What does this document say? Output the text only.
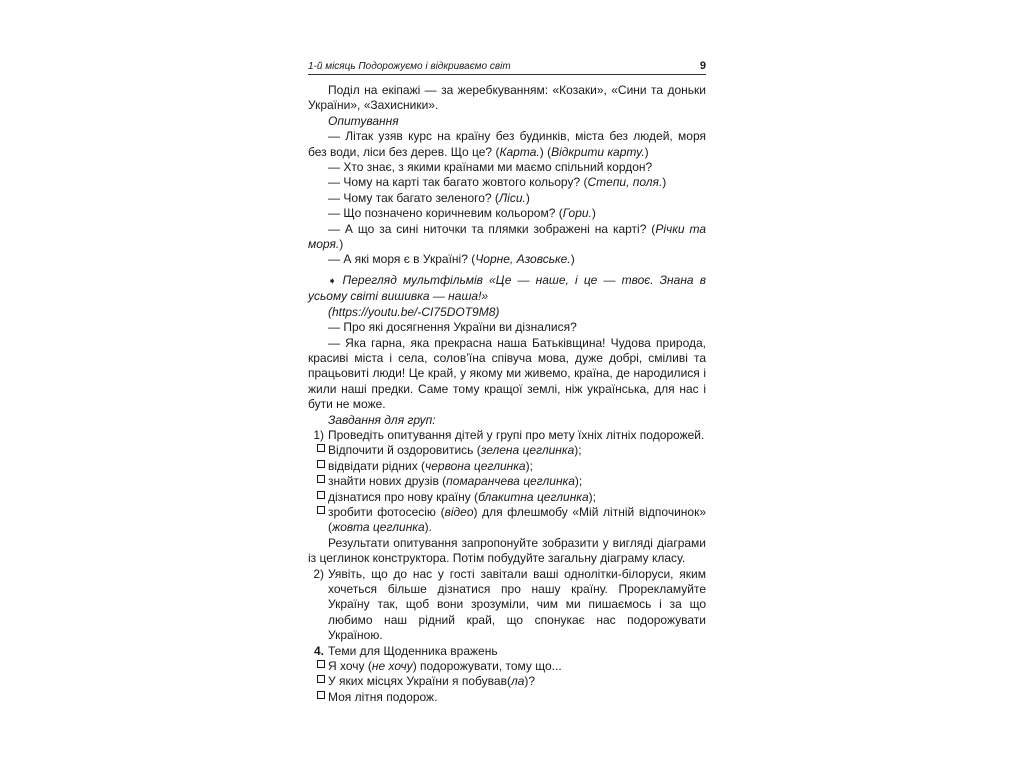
1-й місяць Подорожуємо і відкриваємо світ	9

Поділ на екіпажі — за жеребкуванням: «Козаки», «Сини та доньки України», «Захисники».

Опитування

— Літак узяв курс на країну без будинків, міста без людей, моря без води, ліси без дерев. Що це? (Карта.) (Відкрити карту.)

— Хто знає, з якими країнами ми маємо спільний кордон?

— Чому на карті так багато жовтого кольору? (Степи, поля.)

— Чому так багато зеленого? (Ліси.)

— Що позначено коричневим кольором? (Гори.)

— А що за сині ниточки та плямки зображені на карті? (Річки та моря.)

— А які моря є в Україні? (Чорне, Азовське.)

➧ Перегляд мультфільмів «Це — наше, і це — твоє. Знана в усьому світі вишивка — наша!»

(https://youtu.be/-CI75DOT9M8)

— Про які досягнення України ви дізналися?

— Яка гарна, яка прекрасна наша Батьківщина! Чудова природа, красиві міста і села, солов’їна співуча мова, дуже добрі, сміливі та працьовиті люди! Це край, у якому ми живемо, країна, де народилися і жили наші предки. Саме тому кращої землі, ніж українська, для нас і бути не може.

Завдання для груп:

1) Проведіть опитування дітей у групі про мету їхніх літніх подорожей.
Відпочити й оздоровитись (зелена цеглинка);
відвідати рідних (червона цеглинка);
знайти нових друзів (помаранчева цеглинка);
дізнатися про нову країну (блакитна цеглинка);
зробити фотосесію (відео) для флешмобу «Мій літній відпочинок» (жовта цеглинка).

Результати опитування запропонуйте зобразити у вигляді діаграми із цеглинок конструктора. Потім побудуйте загальну діаграму класу.

2) Уявіть, що до нас у гості завітали ваші однолітки-білоруси, яким хочеться більше дізнатися про нашу країну. Прорекламуйте Україну так, щоб вони зрозуміли, чим ми пишаємось і за що любимо наш рідний край, що спонукає нас подорожувати Україною.
4. Теми для Щоденника вражень
Я хочу (не хочу) подорожувати, тому що...
У яких місцях України я побував(ла)?
Моя літня подорож.
